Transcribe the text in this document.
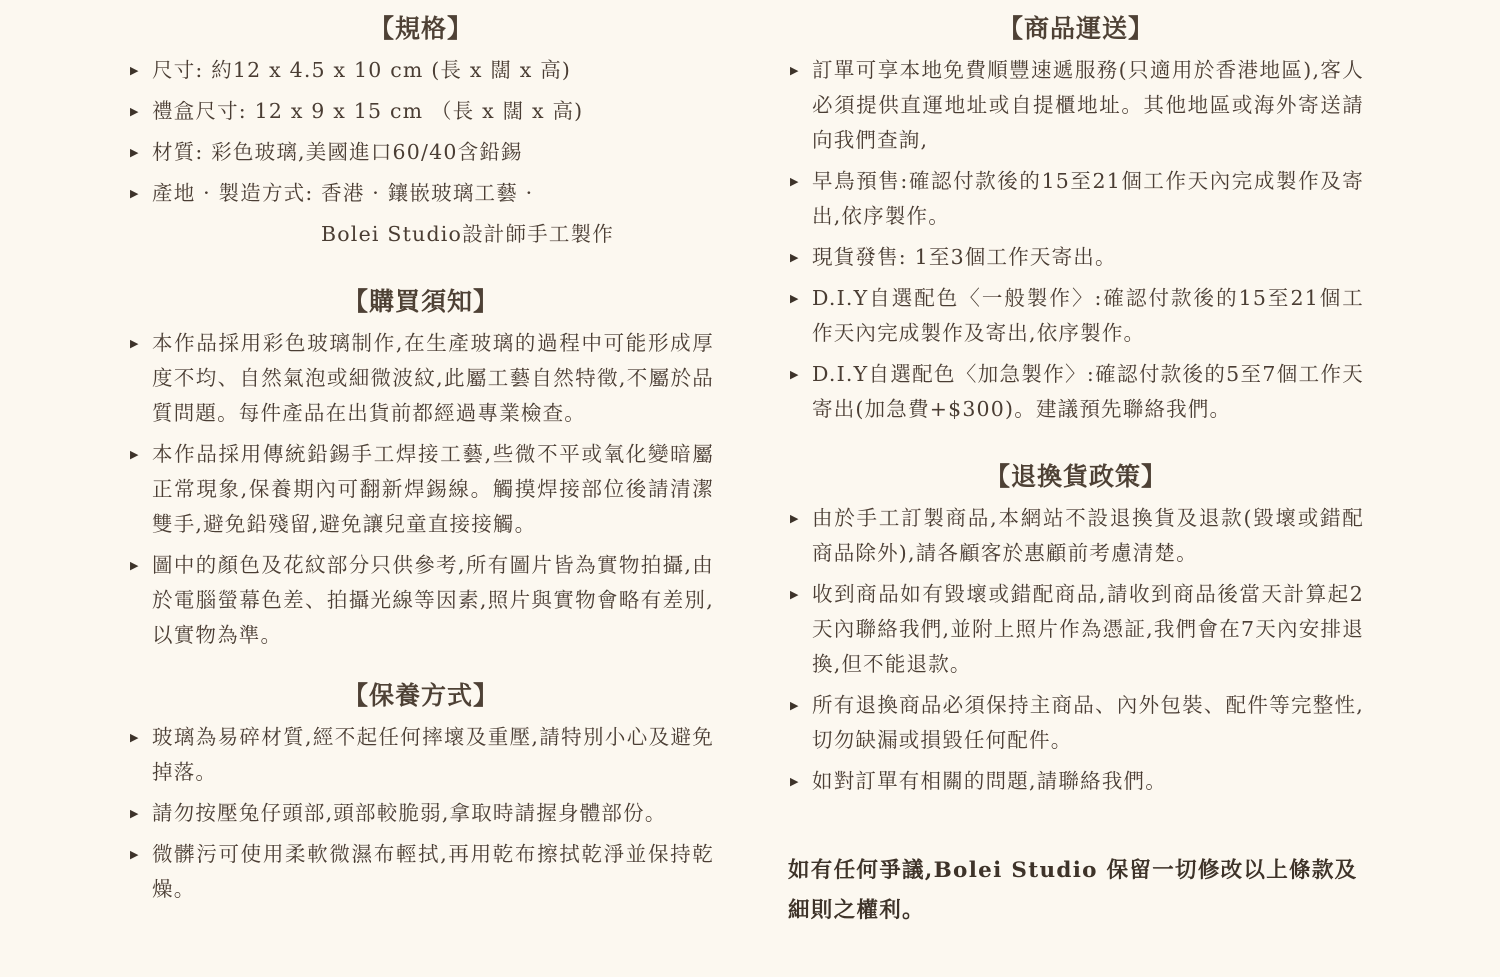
【規格】
▶ 尺寸: 約12 x 4.5 x 10 cm (長 x 闊 x 高)
▶ 禮盒尺寸: 12 x 9 x 15 cm （長 x 闊 x 高)
▶ 材質: 彩色玻璃,美國進口60/40含鉛錫
▶ 產地 · 製造方式: 香港 · 鑲嵌玻璃工藝 ·
Bolei Studio設計師手工製作
【購買須知】
▶ 本作品採用彩色玻璃制作,在生產玻璃的過程中可能形成厚度不均、自然氣泡或細微波紋,此屬工藝自然特徵,不屬於品質問題。每件產品在出貨前都經過專業檢查。
▶ 本作品採用傳統鉛錫手工焊接工藝,些微不平或氧化變暗屬正常現象,保養期內可翻新焊錫線。觸摸焊接部位後請清潔雙手,避免鉛殘留,避免讓兒童直接接觸。
▶ 圖中的顏色及花紋部分只供參考,所有圖片皆為實物拍攝,由於電腦螢幕色差、拍攝光線等因素,照片與實物會略有差別,以實物為準。
【保養方式】
▶ 玻璃為易碎材質,經不起任何摔壞及重壓,請特別小心及避免掉落。
▶ 請勿按壓兔仔頭部,頭部較脆弱,拿取時請握身體部份。
▶ 微髒污可使用柔軟微濕布輕拭,再用乾布擦拭乾淨並保持乾燥。
【商品運送】
▶ 訂單可享本地免費順豐速遞服務(只適用於香港地區),客人必須提供直運地址或自提櫃地址。其他地區或海外寄送請向我們查詢,
▶ 早鳥預售:確認付款後的15至21個工作天內完成製作及寄出,依序製作。
▶ 現貨發售: 1至3個工作天寄出。
▶ D.I.Y自選配色〈一般製作〉:確認付款後的15至21個工作天內完成製作及寄出,依序製作。
▶ D.I.Y自選配色〈加急製作〉:確認付款後的5至7個工作天寄出(加急費+$300)。建議預先聯絡我們。
【退換貨政策】
▶ 由於手工訂製商品,本網站不設退換貨及退款(毀壞或錯配商品除外),請各顧客於惠顧前考慮清楚。
▶ 收到商品如有毀壞或錯配商品,請收到商品後當天計算起2天內聯絡我們,並附上照片作為憑証,我們會在7天內安排退換,但不能退款。
▶ 所有退換商品必須保持主商品、內外包裝、配件等完整性,切勿缺漏或損毀任何配件。
▶ 如對訂單有相關的問題,請聯絡我們。
如有任何爭議,Bolei Studio 保留一切修改以上條款及細則之權利。
